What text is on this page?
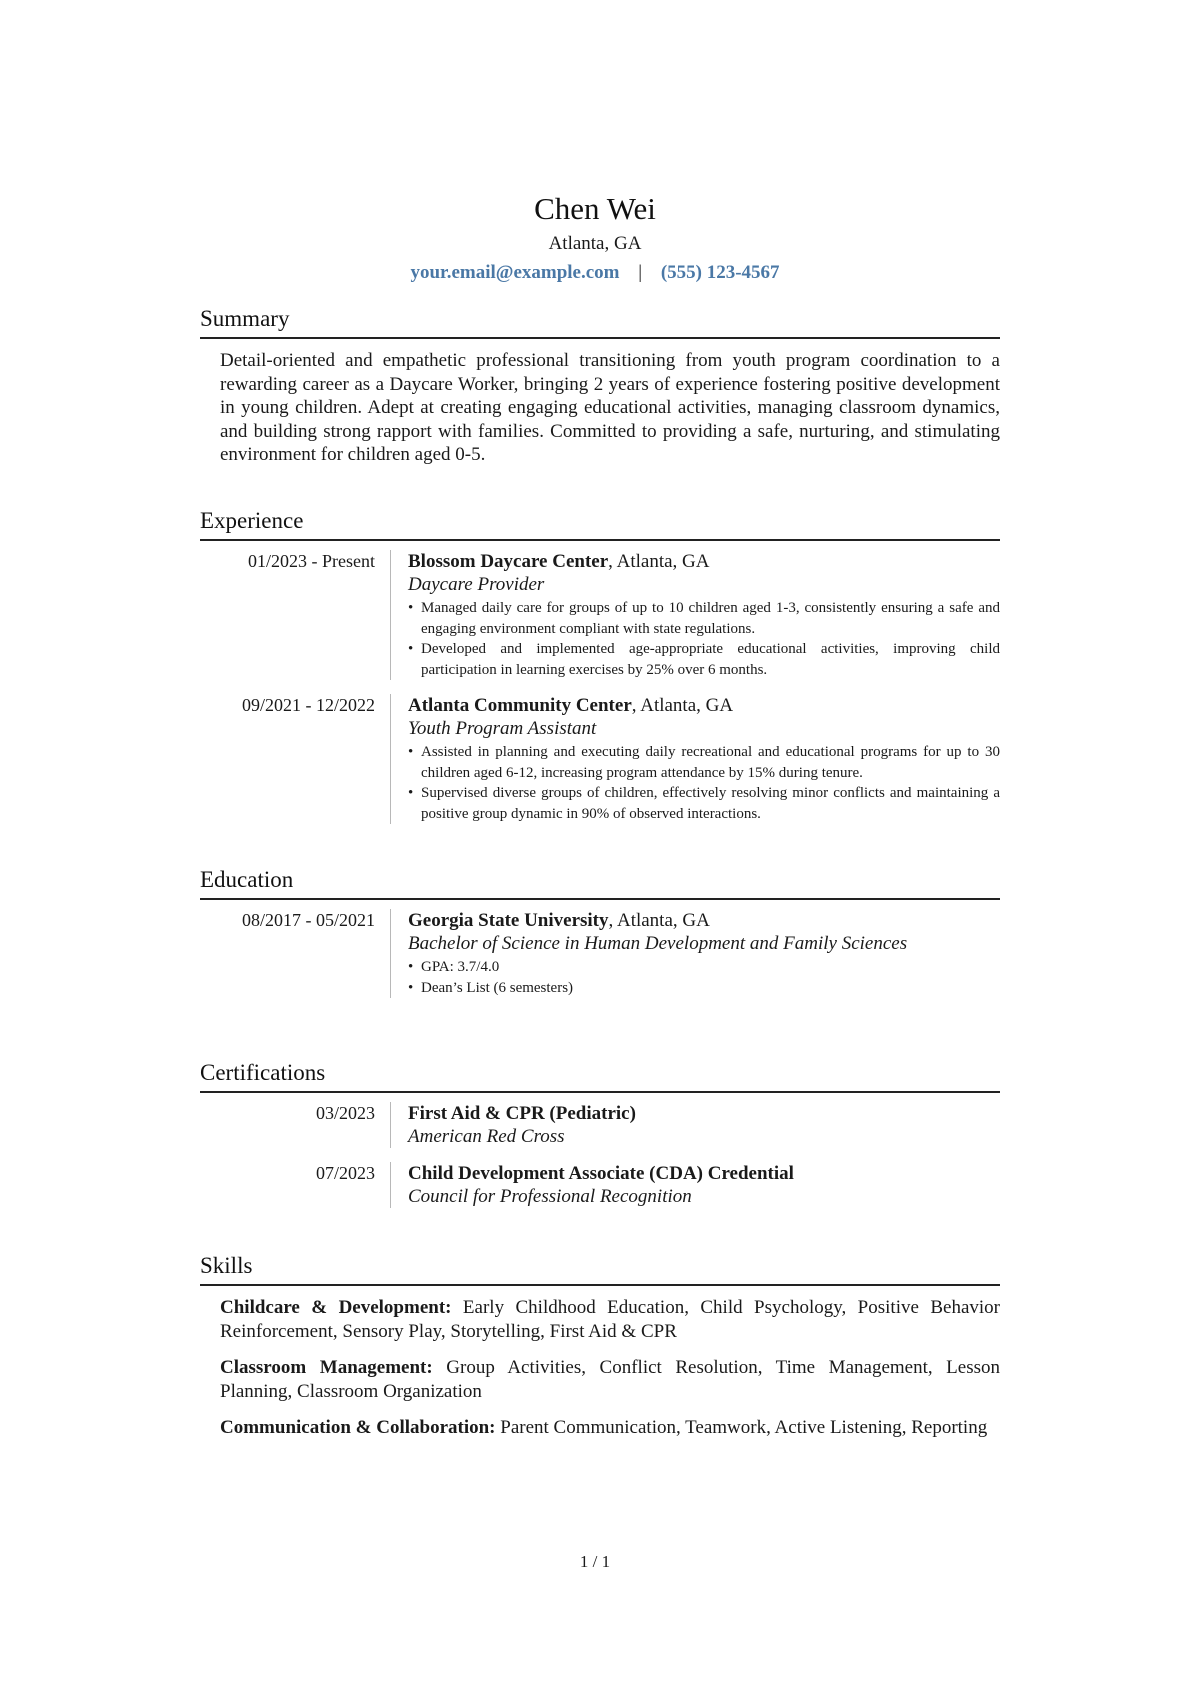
Chen Wei
Atlanta, GA
your.email@example.com | (555) 123-4567
Summary

Detail-oriented and empathetic professional transitioning from youth program coordination to a rewarding career as a Daycare Worker, bringing 2 years of experience fostering positive development in young children. Adept at creating engaging educational activities, managing classroom dynamics, and building strong rapport with families. Committed to providing a safe, nurturing, and stimulating environment for children aged 0-5.

Experience
01/2023 - Present Blossom Daycare Center, Atlanta, GA
Daycare Provider
• Managed daily care for groups of up to 10 children aged 1-3, consistently ensuring a safe and engaging environment compliant with state regulations.
• Developed and implemented age-appropriate educational activities, improving child participation in learning exercises by 25% over 6 months.
09/2021 - 12/2022 Atlanta Community Center, Atlanta, GA
Youth Program Assistant
• Assisted in planning and executing daily recreational and educational programs for up to 30 children aged 6-12, increasing program attendance by 15% during tenure.
• Supervised diverse groups of children, effectively resolving minor conflicts and maintaining a positive group dynamic in 90% of observed interactions.
Education
08/2017 - 05/2021 Georgia State University, Atlanta, GA
Bachelor of Science in Human Development and Family Sciences
• GPA: 3.7/4.0
• Dean’s List (6 semesters)
Certifications
03/2023 First Aid & CPR (Pediatric)
American Red Cross
07/2023 Child Development Associate (CDA) Credential
Council for Professional Recognition
Skills
Childcare & Development: Early Childhood Education, Child Psychology, Positive Behavior Reinforcement, Sensory Play, Storytelling, First Aid & CPR
Classroom Management: Group Activities, Conflict Resolution, Time Management, Lesson Planning, Classroom Organization
Communication & Collaboration: Parent Communication, Teamwork, Active Listening, Reporting
1 / 1
